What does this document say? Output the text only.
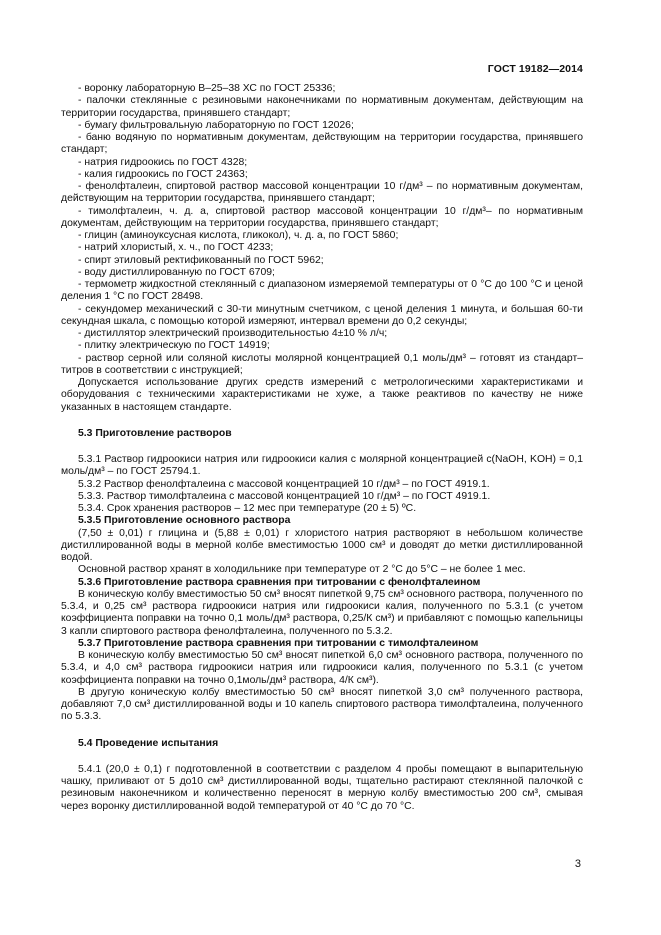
ГОСТ 19182—2014

- воронку лабораторную В–25–38 ХС по ГОСТ 25336;

- палочки стеклянные с резиновыми наконечниками по нормативным документам, действующим на территории государства, принявшего стандарт;

- бумагу фильтровальную лабораторную по ГОСТ 12026;

- баню водяную по нормативным документам, действующим на территории государства, принявшего стандарт;

- натрия гидроокись по ГОСТ 4328;

- калия гидроокись по ГОСТ 24363;

- фенолфталеин, спиртовой раствор массовой концентрации 10 г/дм³ – по нормативным документам, действующим на территории государства, принявшего стандарт;

- тимолфталеин, ч. д. а, спиртовой раствор массовой концентрации 10 г/дм³– по нормативным документам, действующим на территории государства, принявшего стандарт;

- глицин (аминоуксусная кислота, гликокол), ч. д. а, по ГОСТ 5860;

- натрий хлористый, х. ч., по ГОСТ 4233;

- спирт этиловый ректификованный по ГОСТ 5962;

- воду дистиллированную по ГОСТ 6709;

- термометр жидкостной стеклянный с диапазоном измеряемой температуры от 0 °С до 100 °С и ценой деления 1 °С по ГОСТ 28498.

- секундомер механический с 30-ти минутным счетчиком, с ценой деления 1 минута, и большая 60-ти секундная шкала, с помощью которой измеряют, интервал времени до 0,2 секунды;

- дистиллятор электрический производительностью 4±10 % л/ч;

- плитку электрическую по ГОСТ 14919;

- раствор серной или соляной кислоты молярной концентрацией 0,1 моль/дм³ – готовят из стандарт–титров в соответствии с инструкцией;

Допускается использование других средств измерений с метрологическими характеристиками и оборудования с техническими характеристиками не хуже, а также реактивов по качеству не ниже указанных в настоящем стандарте.

5.3 Приготовление растворов

5.3.1 Раствор гидроокиси натрия или гидроокиси калия с молярной концентрацией с(NaOH, KOH) = 0,1 моль/дм³ – по ГОСТ 25794.1.

5.3.2 Раствор фенолфталеина с массовой концентрацией 10 г/дм³ – по ГОСТ 4919.1.

5.3.3. Раствор тимолфталеина с массовой концентрацией 10 г/дм³ – по ГОСТ 4919.1.

5.3.4. Срок хранения растворов – 12 мес при температуре (20 ± 5) ºС.

5.3.5 Приготовление основного раствора

(7,50 ± 0,01) г глицина и (5,88 ± 0,01) г хлористого натрия растворяют в небольшом количестве дистиллированной воды в мерной колбе вместимостью 1000 см³ и доводят до метки дистиллированной водой.

Основной раствор хранят в холодильнике при температуре от 2 °С до 5°С – не более 1 мес.

5.3.6 Приготовление раствора сравнения при титровании с фенолфталеином

В коническую колбу вместимостью 50 см³ вносят пипеткой 9,75 см³ основного раствора, полученного по 5.3.4, и 0,25 см³ раствора гидроокиси натрия или гидроокиси калия, полученного по 5.3.1 (с учетом коэффициента поправки на точно 0,1 моль/дм³ раствора, 0,25/К см³) и прибавляют с помощью капельницы 3 капли спиртового раствора фенолфталеина, полученного по 5.3.2.

5.3.7 Приготовление раствора сравнения при титровании с тимолфталеином

В коническую колбу вместимостью 50 см³ вносят пипеткой 6,0 см³ основного раствора, полученного по 5.3.4, и 4,0 см³ раствора гидроокиси натрия или гидроокиси калия, полученного по 5.3.1 (с учетом коэффициента поправки на точно 0,1моль/дм³ раствора, 4/К см³).

В другую коническую колбу вместимостью 50 см³ вносят пипеткой 3,0 см³ полученного раствора, добавляют 7,0 см³ дистиллированной воды и 10 капель спиртового раствора тимолфталеина, полученного по 5.3.3.

5.4 Проведение испытания

5.4.1 (20,0 ± 0,1) г подготовленной в соответствии с разделом 4 пробы помещают в выпарительную чашку, приливают от 5 до10 см³ дистиллированной воды, тщательно растирают стеклянной палочкой с резиновым наконечником и количественно переносят в мерную колбу вместимостью 200 см³, смывая через воронку дистиллированной водой температурой от 40 °С до 70 °С.

3
